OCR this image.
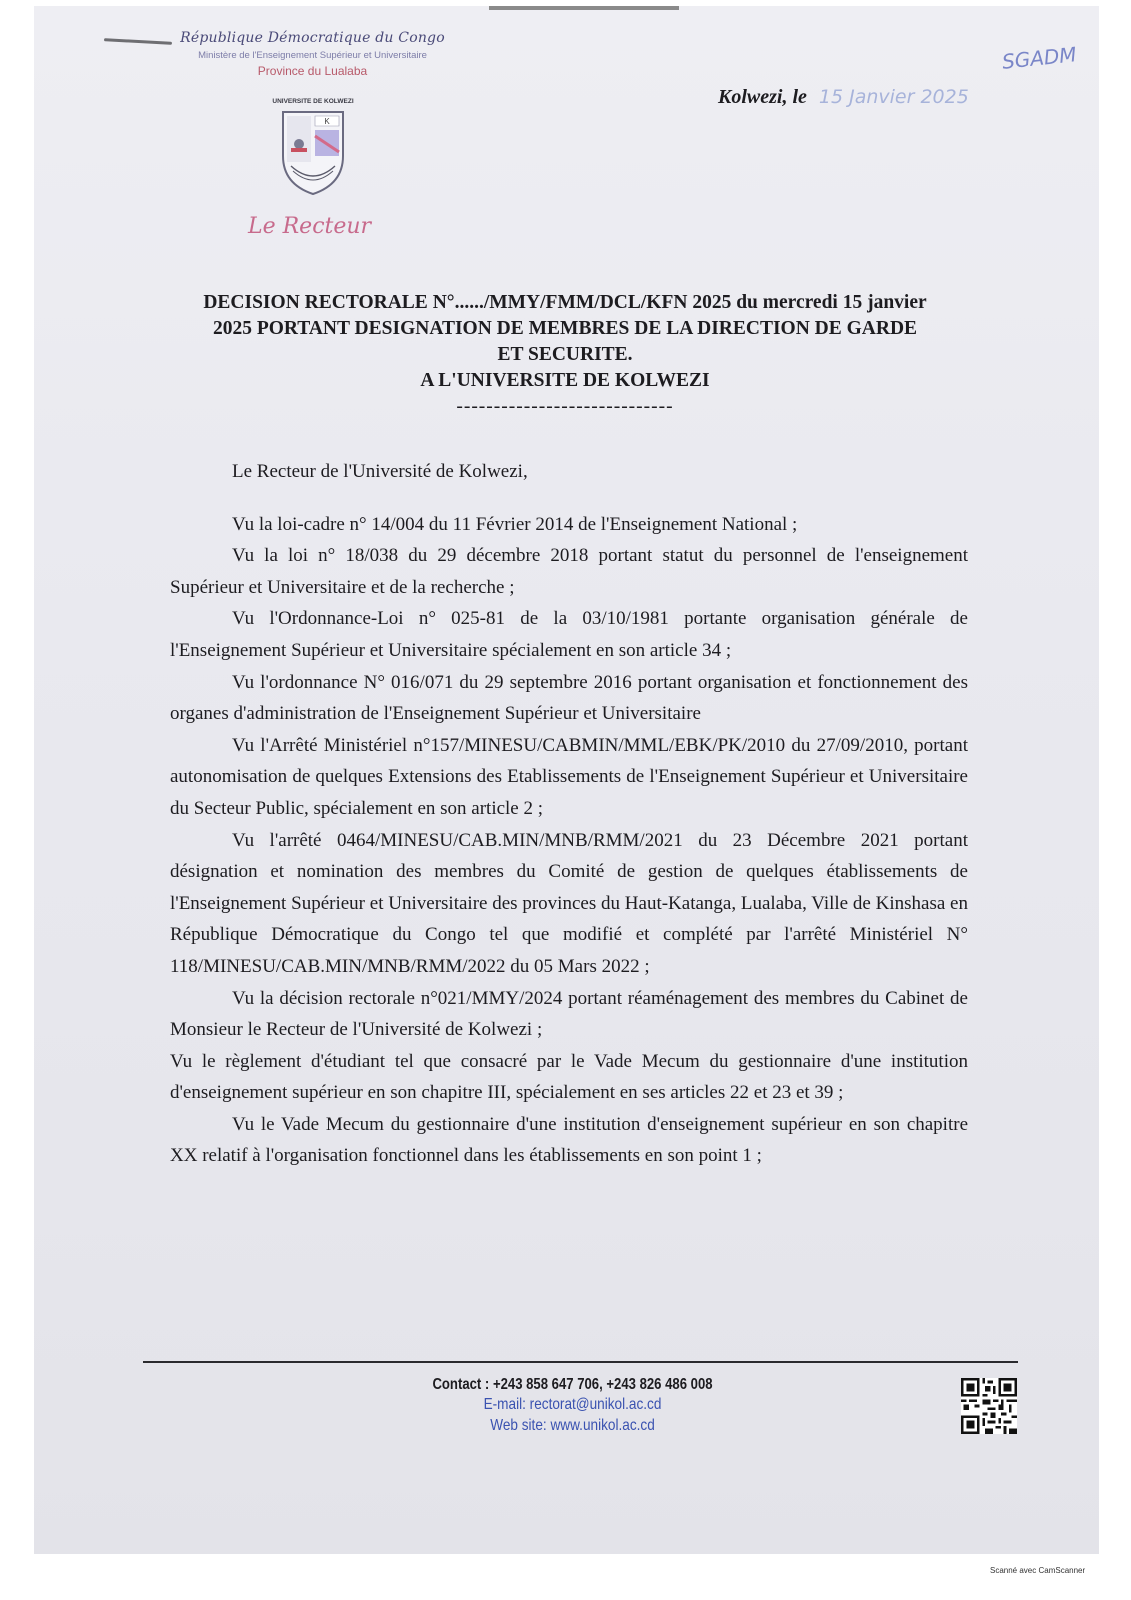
SGADM
République Démocratique du Congo
Ministère de l'Enseignement Supérieur et Universitaire
Province du Lualaba
UNIVERSITE DE KOLWEZI
K
Le Recteur
Kolwezi, le 15 Janvier 2025
DECISION RECTORALE N°....../MMY/FMM/DCL/KFN 2025 du mercredi 15 janvier
2025 PORTANT DESIGNATION DE MEMBRES DE LA DIRECTION DE GARDE
ET SECURITE.
A L'UNIVERSITE DE KOLWEZI
-----------------------------

Le Recteur de l'Université de Kolwezi,

Vu la loi-cadre n° 14/004 du 11 Février 2014 de l'Enseignement National ;

Vu la loi n° 18/038 du 29 décembre 2018 portant statut du personnel de l'enseignement Supérieur et Universitaire et de la recherche ;

Vu l'Ordonnance-Loi n° 025-81 de la 03/10/1981 portante organisation générale de l'Enseignement Supérieur et Universitaire spécialement en son article 34 ;

Vu l'ordonnance N° 016/071 du 29 septembre 2016 portant organisation et fonctionnement des organes d'administration de l'Enseignement Supérieur et Universitaire

Vu l'Arrêté Ministériel n°157/MINESU/CABMIN/MML/EBK/PK/2010 du 27/09/2010, portant autonomisation de quelques Extensions des Etablissements de l'Enseignement Supérieur et Universitaire du Secteur Public, spécialement en son article 2 ;

Vu l'arrêté 0464/MINESU/CAB.MIN/MNB/RMM/2021 du 23 Décembre 2021 portant désignation et nomination des membres du Comité de gestion de quelques établissements de l'Enseignement Supérieur et Universitaire des provinces du Haut-Katanga, Lualaba, Ville de Kinshasa en République Démocratique du Congo tel que modifié et complété par l'arrêté Ministériel N° 118/MINESU/CAB.MIN/MNB/RMM/2022 du 05 Mars 2022 ;

Vu la décision rectorale n°021/MMY/2024 portant réaménagement des membres du Cabinet de Monsieur le Recteur de l'Université de Kolwezi ;

Vu le règlement d'étudiant tel que consacré par le Vade Mecum du gestionnaire d'une institution d'enseignement supérieur en son chapitre III, spécialement en ses articles 22 et 23 et 39 ;

Vu le Vade Mecum du gestionnaire d'une institution d'enseignement supérieur en son chapitre XX relatif à l'organisation fonctionnel dans les établissements en son point 1 ;

Contact : +243 858 647 706, +243 826 486 008
E-mail: rectorat@unikol.ac.cd
Web site: www.unikol.ac.cd
Scanné avec CamScanner
